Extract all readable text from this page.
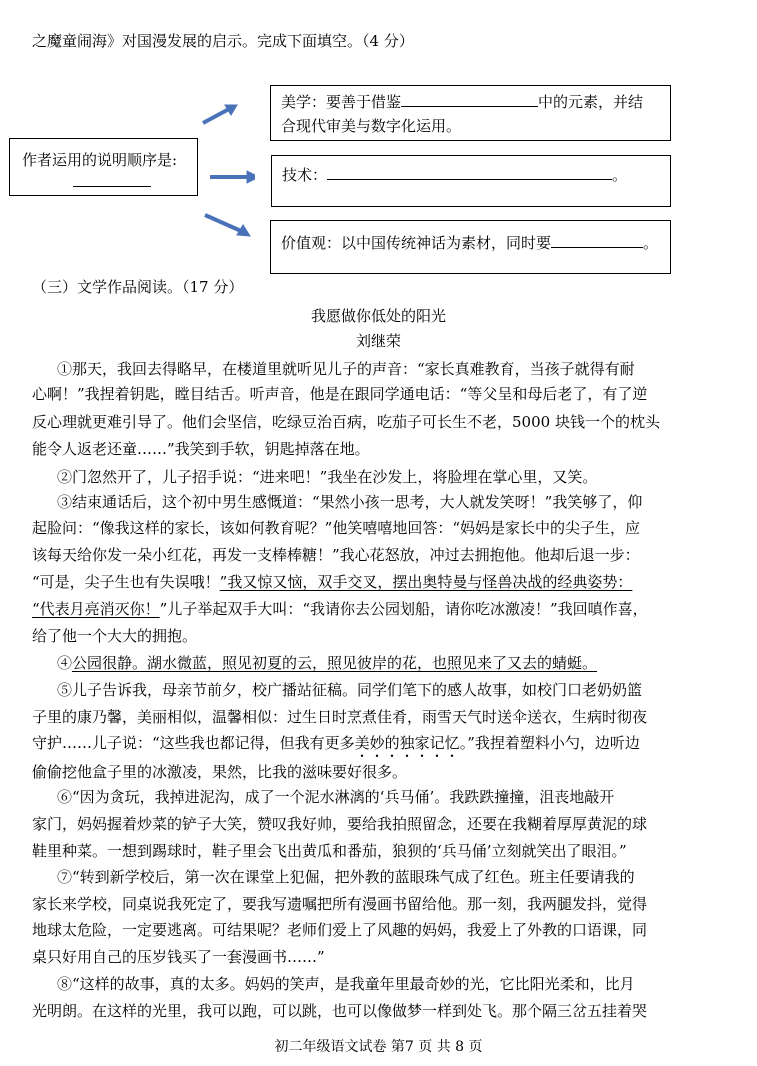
之魔童闹海》对国漫发展的启示。完成下面填空。（4 分）
作者运用的说明顺序是:
美学：要善于借鉴	中的元素，并结
合现代审美与数字化运用。
技术：	。
价值观：以中国传统神话为素材，同时要	。
（三）文学作品阅读。（17 分）
我愿做你低处的阳光
刘继荣
①那天，我回去得略早，在楼道里就听见儿子的声音：“家长真难教育，当孩子就得有耐
心啊！”我捏着钥匙，瞠目结舌。听声音，他是在跟同学通电话：“等父呈和母后老了，有了逆
反心理就更难引导了。他们会坚信，吃绿豆治百病，吃茄子可长生不老，5000 块钱一个的枕头
能令人返老还童……”我笑到手软，钥匙掉落在地。
②门忽然开了，儿子招手说：“进来吧！”我坐在沙发上，将脸埋在掌心里，又笑。
③结束通话后，这个初中男生感慨道：“果然小孩一思考，大人就发笑呀！”我笑够了，仰
起脸问：“像我这样的家长，该如何教育呢？”他笑嘻嘻地回答：“妈妈是家长中的尖子生，应
该每天给你发一朵小红花，再发一支棒棒糖！”我心花怒放，冲过去拥抱他。他却后退一步：
“可是，尖子生也有失误哦！”我又惊又恼，双手交叉，摆出奥特曼与怪兽决战的经典姿势：
“代表月亮消灭你！”儿子举起双手大叫：“我请你去公园划船，请你吃冰激凌！”我回嗔作喜，
给了他一个大大的拥抱。
④公园很静。湖水微蓝，照见初夏的云，照见彼岸的花，也照见来了又去的蜻蜓。
⑤儿子告诉我，母亲节前夕，校广播站征稿。同学们笔下的感人故事，如校门口老奶奶篮
子里的康乃馨，美丽相似，温馨相似：过生日时烹煮佳肴，雨雪天气时送伞送衣，生病时彻夜
守护……儿子说：“这些我也都记得，但我有更多美妙的独家记忆。”我捏着塑料小勺，边听边
偷偷挖他盒子里的冰激凌，果然，比我的滋味要好很多。
⑥“因为贪玩，我掉进泥沟，成了一个泥水淋漓的‘兵马俑’。我跌跌撞撞，沮丧地敲开
家门，妈妈握着炒菜的铲子大笑，赞叹我好帅，要给我拍照留念，还要在我糊着厚厚黄泥的球
鞋里种菜。一想到踢球时，鞋子里会飞出黄瓜和番茄，狼狈的‘兵马俑’立刻就笑出了眼泪。”
⑦“转到新学校后，第一次在课堂上犯倔，把外教的蓝眼珠气成了红色。班主任要请我的
家长来学校，同桌说我死定了，要我写遗嘱把所有漫画书留给他。那一刻，我两腿发抖，觉得
地球太危险，一定要逃离。可结果呢？老师们爱上了风趣的妈妈，我爱上了外教的口语课，同
桌只好用自己的压岁钱买了一套漫画书……”
⑧“这样的故事，真的太多。妈妈的笑声，是我童年里最奇妙的光，它比阳光柔和，比月
光明朗。在这样的光里，我可以跑，可以跳，也可以像做梦一样到处飞。那个隔三岔五挂着哭
初二年级语文试卷 第7 页 共 8 页
